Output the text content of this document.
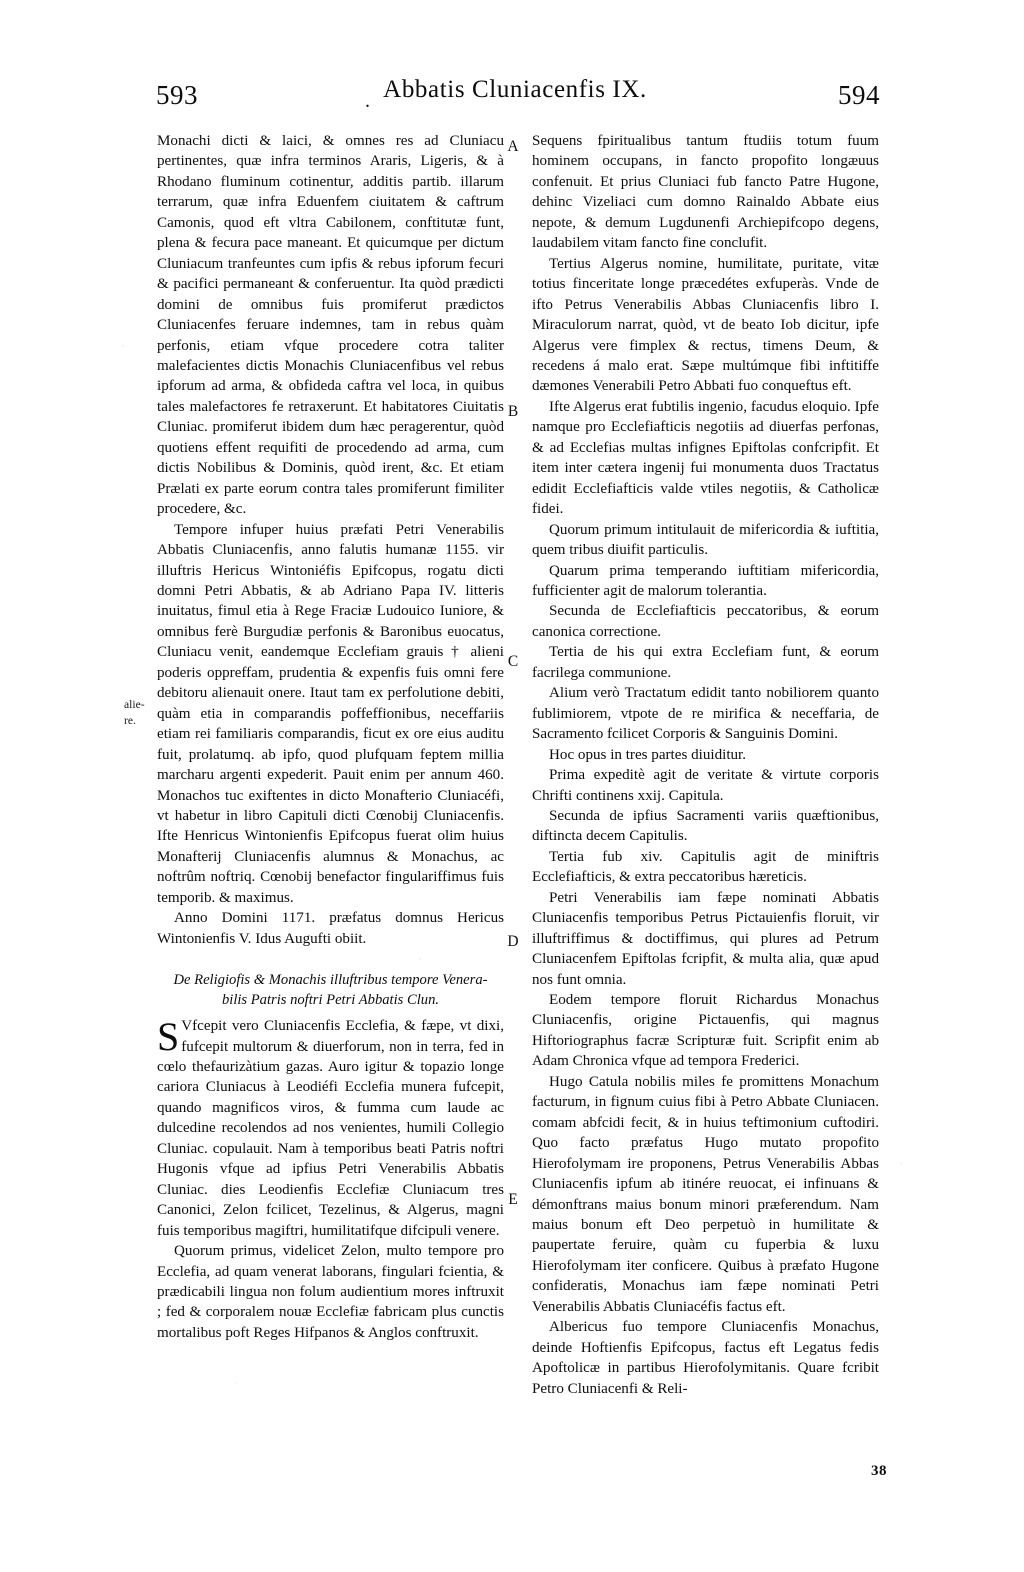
593	. Abbatis Cluniacenfis IX.	594
A
B
C
D
E
alie-
re.

Monachi dicti & laici, & omnes res ad Cluniacu pertinentes, quæ infra terminos Araris, Ligeris, & à Rhodano fluminum cotinentur, additis partib. illarum terrarum, quæ infra Eduenfem ciuitatem & caftrum Camonis, quod eft vltra Cabilonem, conftitutæ funt, plena & fecura pace maneant. Et quicumque per dictum Cluniacum tranfeuntes cum ipfis & rebus ipforum fecuri & pacifici permaneant & conferuentur. Ita quòd prædicti domini de omnibus fuis promiferut prædictos Cluniacenfes feruare indemnes, tam in rebus quàm perfonis, etiam vfque procedere cotra taliter malefacientes dictis Monachis Cluniacenfibus vel rebus ipforum ad arma, & obfideda caftra vel loca, in quibus tales malefactores fe retraxerunt. Et habitatores Ciuitatis Cluniac. promiferut ibidem dum hæc peragerentur, quòd quotiens effent requifiti de procedendo ad arma, cum dictis Nobilibus & Dominis, quòd irent, &c. Et etiam Prælati ex parte eorum contra tales promiferunt fimiliter procedere, &c.

Tempore infuper huius præfati Petri Venerabilis Abbatis Cluniacenfis, anno falutis humanæ 1155. vir illuftris Hericus Wintoniéfis Epifcopus, rogatu dicti domni Petri Abbatis, & ab Adriano Papa IV. litteris inuitatus, fimul etia à Rege Fraciæ Ludouico Iuniore, & omnibus ferè Burgudiæ perfonis & Baronibus euocatus, Cluniacu venit, eandemque Ecclefiam grauis † alieni poderis oppreffam, prudentia & expenfis fuis omni fere debitoru alienauit onere. Itaut tam ex perfolutione debiti, quàm etia in comparandis poffeffionibus, neceffariis etiam rei familiaris comparandis, ficut ex ore eius auditu fuit, prolatumq. ab ipfo, quod plufquam feptem millia marcharu argenti expederit. Pauit enim per annum 460. Monachos tuc exiftentes in dicto Monafterio Cluniacéfi, vt habetur in libro Capituli dicti Cœnobij Cluniacenfis. Ifte Henricus Wintonienfis Epifcopus fuerat olim huius Monafterij Cluniacenfis alumnus & Monachus, ac noftrûm noftriq. Cœnobij benefactor fingulariffimus fuis temporib. & maximus.

Anno Domini 1171. præfatus domnus Hericus Wintonienfis V. Idus Augufti obiit.

De Religiofis & Monachis illuftribus tempore Venera-
bilis Patris noftri Petri Abbatis Clun.

S Vfcepit vero Cluniacenfis Ecclefia, & fæpe, vt dixi, fufcepit multorum & diuerforum, non in terra, fed in cœlo thefaurizàtium gazas. Auro igitur & topazio longe cariora Cluniacus à Leodiéfi Ecclefia munera fufcepit, quando magnificos viros, & fumma cum laude ac dulcedine recolendos ad nos venientes, humili Collegio Cluniac. copulauit. Nam à temporibus beati Patris noftri Hugonis vfque ad ipfius Petri Venerabilis Abbatis Cluniac. dies Leodienfis Ecclefiæ Cluniacum tres Canonici, Zelon fcilicet, Tezelinus, & Algerus, magni fuis temporibus magiftri, humilitatifque difcipuli venere.

Quorum primus, videlicet Zelon, multo tempore pro Ecclefia, ad quam venerat laborans, fingulari fcientia, & prædicabili lingua non folum audientium mores inftruxit ; fed & corporalem nouæ Ecclefiæ fabricam plus cunctis mortalibus poft Reges Hifpanos & Anglos conftruxit.

Sequens fpiritualibus tantum ftudiis totum fuum hominem occupans, in fancto propofito longæuus confenuit. Et prius Cluniaci fub fancto Patre Hugone, dehinc Vizeliaci cum domno Rainaldo Abbate eius nepote, & demum Lugdunenfi Archiepifcopo degens, laudabilem vitam fancto fine conclufit.

Tertius Algerus nomine, humilitate, puritate, vitæ totius finceritate longe præcedétes exfuperàs. Vnde de ifto Petrus Venerabilis Abbas Cluniacenfis libro I. Miraculorum narrat, quòd, vt de beato Iob dicitur, ipfe Algerus vere fimplex & rectus, timens Deum, & recedens á malo erat. Sæpe multúmque fibi inftitiffe dæmones Venerabili Petro Abbati fuo conqueftus eft.

Ifte Algerus erat fubtilis ingenio, facudus eloquio. Ipfe namque pro Ecclefiafticis negotiis ad diuerfas perfonas, & ad Ecclefias multas infignes Epiftolas confcripfit. Et item inter cætera ingenij fui monumenta duos Tractatus edidit Ecclefiafticis valde vtiles negotiis, & Catholicæ fidei.

Quorum primum intitulauit de mifericordia & iuftitia, quem tribus diuifit particulis.

Quarum prima temperando iuftitiam mifericordia, fufficienter agit de malorum tolerantia.

Secunda de Ecclefiafticis peccatoribus, & eorum canonica correctione.

Tertia de his qui extra Ecclefiam funt, & eorum facrilega communione.

Alium verò Tractatum edidit tanto nobiliorem quanto fublimiorem, vtpote de re mirifica & neceffaria, de Sacramento fcilicet Corporis & Sanguinis Domini.

Hoc opus in tres partes diuiditur.

Prima expeditè agit de veritate & virtute corporis Chrifti continens xxij. Capitula.

Secunda de ipfius Sacramenti variis quæftionibus, diftincta decem Capitulis.

Tertia fub xiv. Capitulis agit de miniftris Ecclefiafticis, & extra peccatoribus hæreticis.

Petri Venerabilis iam fæpe nominati Abbatis Cluniacenfis temporibus Petrus Pictauienfis floruit, vir illuftriffimus & doctiffimus, qui plures ad Petrum Cluniacenfem Epiftolas fcripfit, & multa alia, quæ apud nos funt omnia.

Eodem tempore floruit Richardus Monachus Cluniacenfis, origine Pictauenfis, qui magnus Hiftoriographus facræ Scripturæ fuit. Scripfit enim ab Adam Chronica vfque ad tempora Frederici.

Hugo Catula nobilis miles fe promittens Monachum facturum, in fignum cuius fibi à Petro Abbate Cluniacen. comam abfcidi fecit, & in huius teftimonium cuftodiri. Quo facto præfatus Hugo mutato propofito Hierofolymam ire proponens, Petrus Venerabilis Abbas Cluniacenfis ipfum ab itinére reuocat, ei infinuans & démonftrans maius bonum minori præferendum. Nam maius bonum eft Deo perpetuò in humilitate & paupertate feruire, quàm cu fuperbia & luxu Hierofolymam iter conficere. Quibus à præfato Hugone confideratis, Monachus iam fæpe nominati Petri Venerabilis Abbatis Cluniacéfis factus eft.

Albericus fuo tempore Cluniacenfis Monachus, deinde Hoftienfis Epifcopus, factus eft Legatus fedis Apoftolicæ in partibus Hierofolymitanis. Quare fcribit Petro Cluniacenfi & Reli-

38
